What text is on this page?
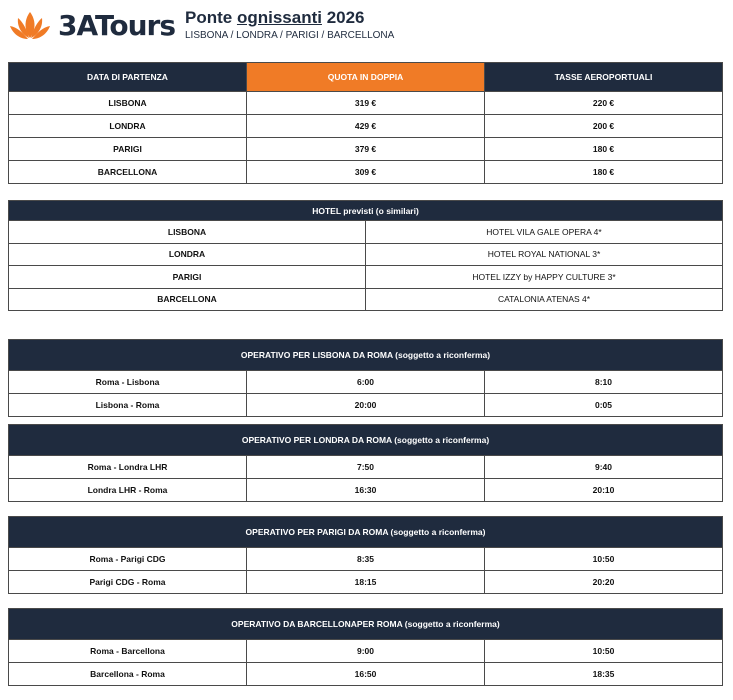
3ATours Ponte ognissanti 2026
LISBONA / LONDRA / PARIGI / BARCELLONA
DATA DI PARTENZA	QUOTA IN DOPPIA	TASSE AEROPORTUALI
LISBONA	319 €	220 €
LONDRA	429 €	200 €
PARIGI	379 €	180 €
BARCELLONA	309 €	180 €
HOTEL previsti (o similari)	
LISBONA	HOTEL VILA GALE OPERA 4*
LONDRA	HOTEL ROYAL NATIONAL 3*
PARIGI	HOTEL IZZY by HAPPY CULTURE 3*
BARCELLONA	CATALONIA ATENAS 4*
OPERATIVO PER LISBONA DA ROMA (soggetto a riconferma)		
Roma - Lisbona	6:00	8:10
Lisbona - Roma	20:00	0:05
OPERATIVO PER LONDRA DA ROMA (soggetto a riconferma)		
Roma - Londra LHR	7:50	9:40
Londra LHR - Roma	16:30	20:10
OPERATIVO PER PARIGI DA ROMA (soggetto a riconferma)		
Roma - Parigi CDG	8:35	10:50
Parigi CDG - Roma	18:15	20:20
OPERATIVO DA BARCELLONAPER ROMA (soggetto a riconferma)		
Roma - Barcellona	9:00	10:50
Barcellona - Roma	16:50	18:35
